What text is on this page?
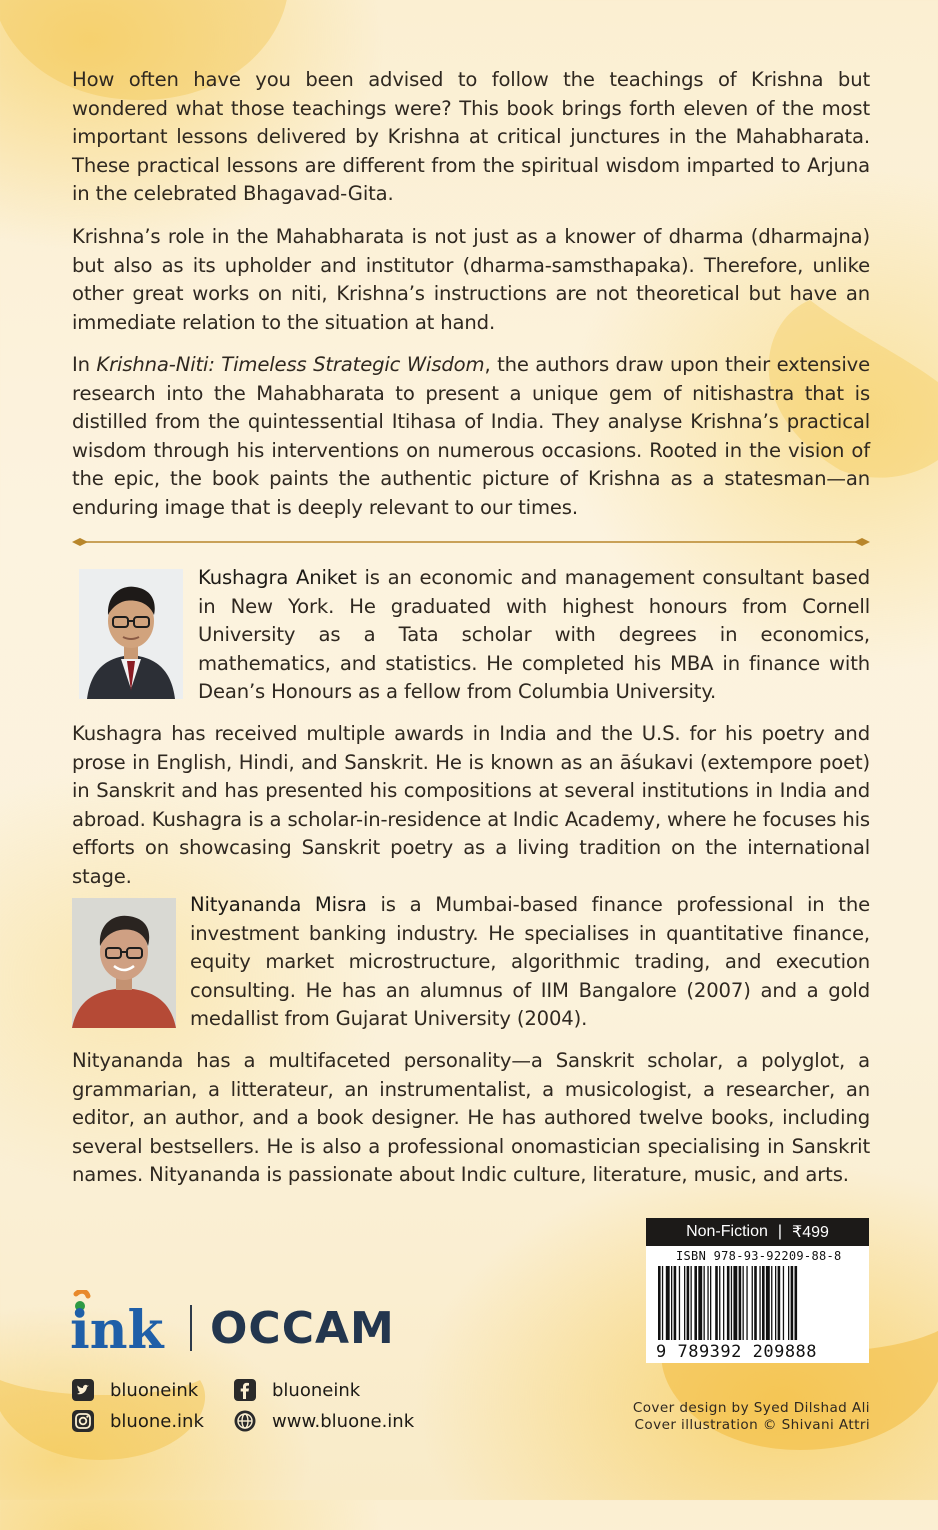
How often have you been advised to follow the teachings of Krishna but wondered what those teachings were? This book brings forth eleven of the most important lessons delivered by Krishna at critical junctures in the Mahabharata. These practical lessons are different from the spiritual wisdom imparted to Arjuna in the celebrated Bhagavad-Gita.

Krishna’s role in the Mahabharata is not just as a knower of dharma (dharmajna) but also as its upholder and institutor (dharma-samsthapaka). Therefore, unlike other great works on niti, Krishna’s instructions are not theoretical but have an immediate relation to the situation at hand.

In Krishna-Niti: Timeless Strategic Wisdom, the authors draw upon their extensive research into the Mahabharata to present a unique gem of nitishastra that is distilled from the quintessential Itihasa of India. They analyse Krishna’s practical wisdom through his interventions on numerous occasions. Rooted in the vision of the epic, the book paints the authentic picture of Krishna as a statesman—an enduring image that is deeply relevant to our times.

Kushagra Aniket is an economic and management consultant based in New York. He graduated with highest honours from Cornell University as a Tata scholar with degrees in economics, mathematics, and statistics. He completed his MBA in finance with Dean’s Honours as a fellow from Columbia University.

Kushagra has received multiple awards in India and the U.S. for his poetry and prose in English, Hindi, and Sanskrit. He is known as an āśukavi (extempore poet) in Sanskrit and has presented his compositions at several institutions in India and abroad. Kushagra is a scholar-in-residence at Indic Academy, where he focuses his efforts on showcasing Sanskrit poetry as a living tradition on the international stage.

Nityananda Misra is a Mumbai-based finance professional in the investment banking industry. He specialises in quantitative finance, equity market microstructure, algorithmic trading, and execution consulting. He has an alumnus of IIM Bangalore (2007) and a gold medallist from Gujarat University (2004).

Nityananda has a multifaceted personality—a Sanskrit scholar, a polyglot, a grammarian, a litterateur, an instrumentalist, a musicologist, a researcher, an editor, an author, and a book designer. He has authored twelve books, including several bestsellers. He is also a professional onomastician specialising in Sanskrit names. Nityananda is passionate about Indic culture, literature, music, and arts.

ink OCCAM
bluoneink	bluoneink
bluone.ink	www.bluone.ink
Non-Fiction | ₹499
ISBN 978-93-92209-88-8
9 789392 209888
Cover design by Syed Dilshad Ali
Cover illustration © Shivani Attri
